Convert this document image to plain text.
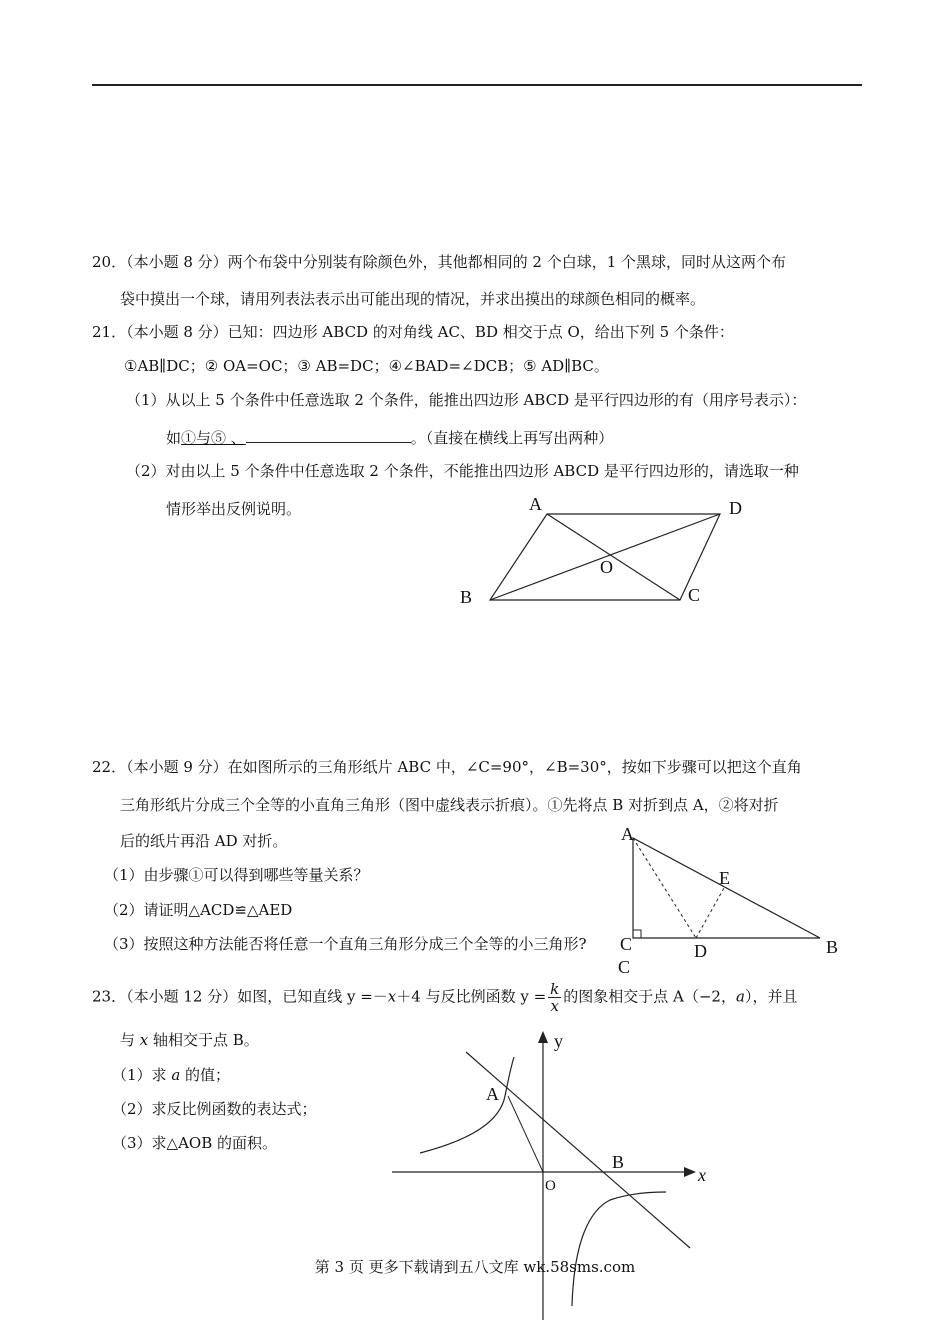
20．（本小题 8 分）两个布袋中分别装有除颜色外，其他都相同的 2 个白球，1 个黑球，同时从这两个布
袋中摸出一个球，请用列表法表示出可能出现的情况，并求出摸出的球颜色相同的概率。
21．（本小题 8 分）已知：四边形 ABCD 的对角线 AC、BD 相交于点 O，给出下列 5 个条件：
①AB∥DC；② OA=OC；③ AB=DC；④∠BAD=∠DCB；⑤ AD∥BC。
（1）从以上 5 个条件中任意选取 2 个条件，能推出四边形 ABCD 是平行四边形的有（用序号表示）：
如①与⑤ 、	。（直接在横线上再写出两种）
（2）对由以上 5 个条件中任意选取 2 个条件，不能推出四边形 ABCD 是平行四边形的，请选取一种
情形举出反例说明。	A	D
O
B	C
A
E
C	D	B
C
y
x
A
B
O
22．（本小题 9 分）在如图所示的三角形纸片 ABC 中，∠C=90°，∠B=30°，按如下步骤可以把这个直角
三角形纸片分成三个全等的小直角三角形（图中虚线表示折痕）。①先将点 B 对折到点 A，②将对折
后的纸片再沿 AD 对折。
（1）由步骤①可以得到哪些等量关系？
（2）请证明△ACD≌△AED
（3）按照这种方法能否将任意一个直角三角形分成三个全等的小三角形?
23．（本小题 12 分）如图，已知直线 y =－x＋4 与反比例函数 $y = \frac{k}{x}$ 的图象相交于点 A（−2，a），并且
与 x 轴相交于点 B。
（1）求 a 的值；
（2）求反比例函数的表达式；
（3）求△AOB 的面积。
第 3 页 更多下载请到五八文库 wk.58sms.com
